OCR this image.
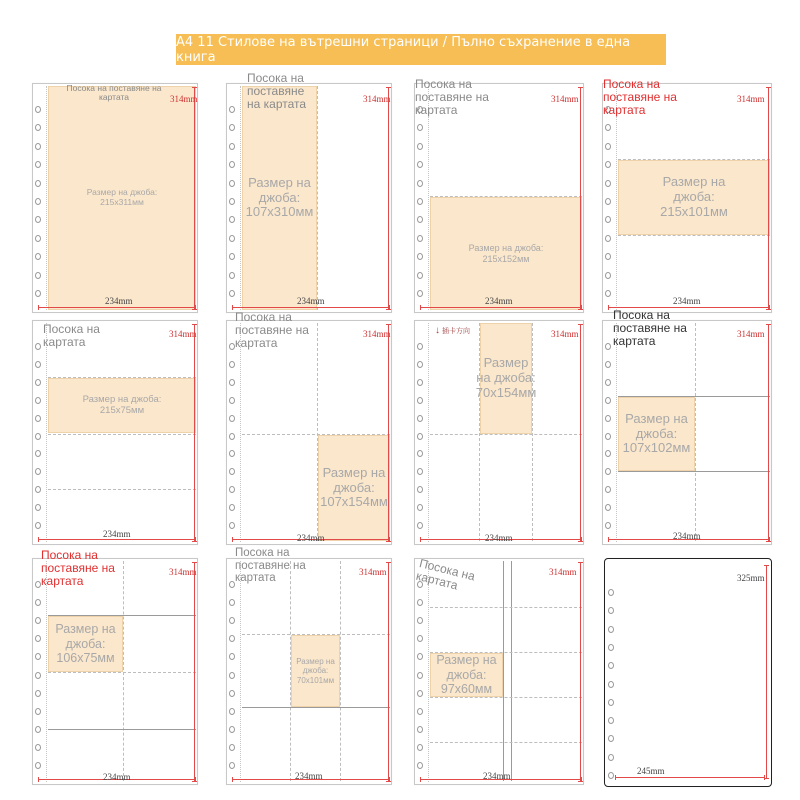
A4 11 Стилове на вътрешни страници / Пълно съхранение в една книга
Размер на джоба: 215x311мм
Посока на поставяне на картата	314mm
234mm
Размер на джоба: 107x310мм
Посока на поставяне на картата	314mm
234mm
Размер на джоба: 215x152мм
Посока на поставяне на картата
314mm
234mm
Размер на джоба: 215x101мм
Посока на поставяне на картата
314mm
234mm
Размер на джоба: 215x75мм
Посока на картата
314mm
234mm
Размер на джоба: 107x154мм
Посока на поставяне на картата
314mm
234mm
Размер на джоба: 70x154мм
↓ 插卡方向	314mm
234mm
Размер на джоба: 107x102мм
Посока на поставяне на картата
314mm
234mm
Размер на джоба: 106x75мм
Посока на поставяне на картата
314mm
234mm
Размер на джоба: 70x101мм
Посока на поставяне на картата
314mm
234mm
Размер на джоба: 97x60мм
Посока на картата	314mm
234mm
325mm
245mm
